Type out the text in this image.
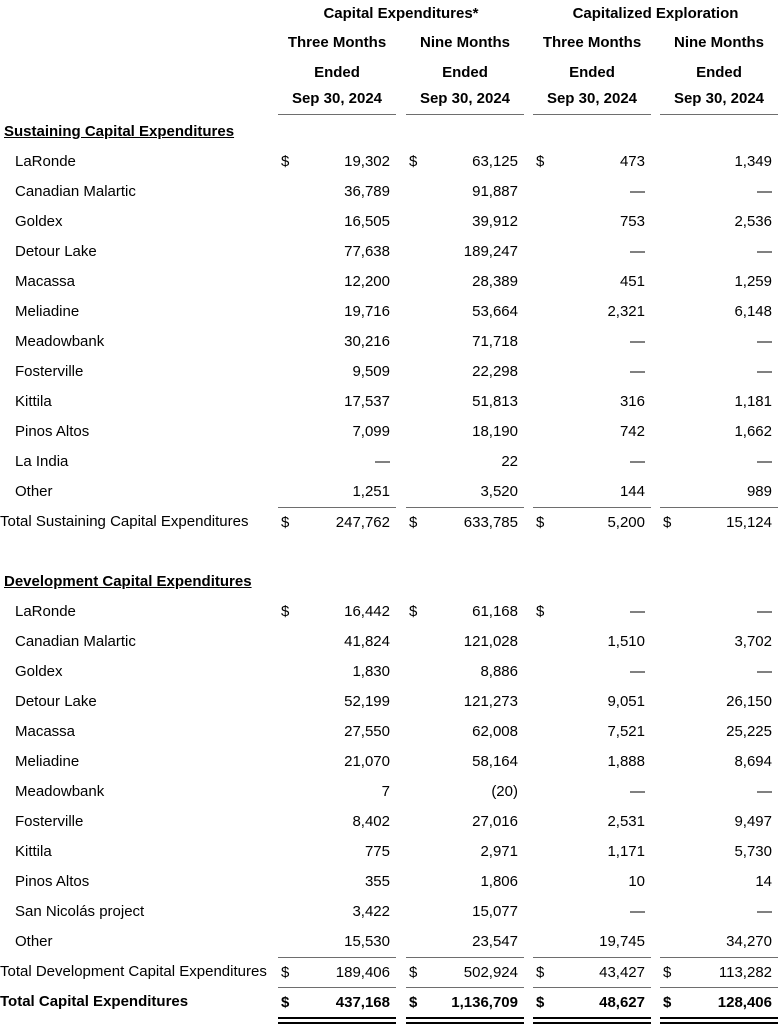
Capital Expenditures*	Capitalized Exploration
Three Months	Nine Months	Three Months	Nine Months
Ended	Ended	Ended	Ended
Sep 30, 2024	Sep 30, 2024	Sep 30, 2024	Sep 30, 2024
Sustaining Capital Expenditures
LaRonde	$	19,302 $	63,125 $	473	1,349
Canadian Malartic	36,789	91,887	—	—
Goldex	16,505	39,912	753	2,536
Detour Lake	77,638	189,247	—	—
Macassa	12,200	28,389	451	1,259
Meliadine	19,716	53,664	2,321	6,148
Meadowbank	30,216	71,718	—	—
Fosterville	9,509	22,298	—	—
Kittila	17,537	51,813	316	1,181
Pinos Altos	7,099	18,190	742	1,662
La India	—	22	—	—
Other	1,251	3,520	144	989
Total Sustaining Capital Expenditures	$	247,762 $	633,785 $	5,200 $	15,124
Development Capital Expenditures
LaRonde	$	16,442 $	61,168 $	—	—
Canadian Malartic	41,824	121,028	1,510	3,702
Goldex	1,830	8,886	—	—
Detour Lake	52,199	121,273	9,051	26,150
Macassa	27,550	62,008	7,521	25,225
Meliadine	21,070	58,164	1,888	8,694
Meadowbank	7	(20)	—	—
Fosterville	8,402	27,016	2,531	9,497
Kittila	775	2,971	1,171	5,730
Pinos Altos	355	1,806	10	14
San Nicolás project	3,422	15,077	—	—
Other	15,530	23,547	19,745	34,270
Total Development Capital Expenditures $	189,406 $	502,924 $	43,427 $	113,282
Total Capital Expenditures	$	437,168 $ 1,136,709 $	48,627 $	128,406
